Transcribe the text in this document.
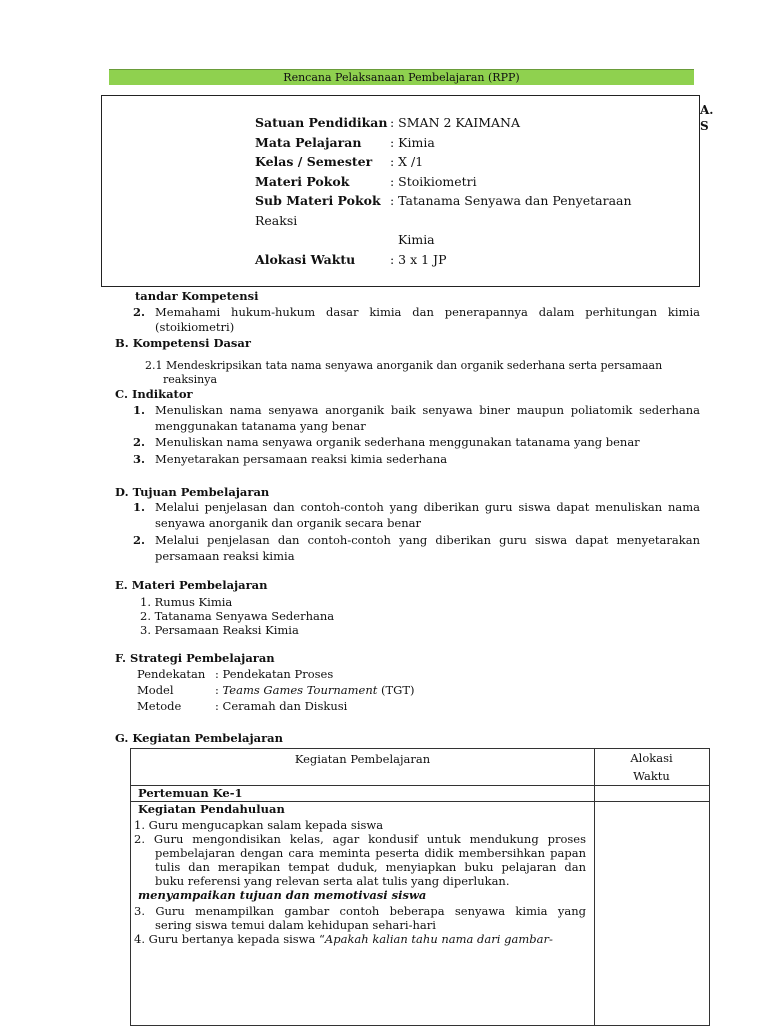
Rencana Pelaksanaan Pembelajaran (RPP)
A.
S
Satuan Pendidikan : SMAN 2 KAIMANA
Mata Pelajaran : Kimia
Kelas / Semester : X /1
Materi Pokok	: Stoikiometri
Sub Materi Pokok : Tatanama Senyawa dan Penyetaraan
Reaksi
Kimia
Alokasi Waktu	: 3 x 1 JP
tandar Kompetensi
2. Memahami hukum-hukum dasar kimia dan penerapannya dalam perhitungan kimia
(stoikiometri)
B. Kompetensi Dasar
2.1 Mendeskripsikan tata nama senyawa anorganik dan organik sederhana serta persamaan
reaksinya
C. Indikator
1. Menuliskan nama senyawa anorganik baik senyawa biner maupun poliatomik sederhana
menggunakan tatanama yang benar
2. Menuliskan nama senyawa organik sederhana menggunakan tatanama yang benar
3. Menyetarakan persamaan reaksi kimia sederhana
D. Tujuan Pembelajaran
1. Melalui penjelasan dan contoh-contoh yang diberikan guru siswa dapat menuliskan nama
senyawa anorganik dan organik secara benar
2. Melalui penjelasan dan contoh-contoh yang diberikan guru siswa dapat menyetarakan
persamaan reaksi kimia
E. Materi Pembelajaran
1. Rumus Kimia
2. Tatanama Senyawa Sederhana
3. Persamaan Reaksi Kimia
F. Strategi Pembelajaran
Pendekatan : Pendekatan Proses
Model	: Teams Games Tournament (TGT)
Metode	: Ceramah dan Diskusi
G. Kegiatan Pembelajaran
Kegiatan Pembelajaran	Alokasi
Waktu
Pertemuan Ke-1
Kegiatan Pendahuluan
1. Guru mengucapkan salam kepada siswa
2. Guru mengondisikan kelas, agar kondusif untuk mendukung proses
pembelajaran dengan cara meminta peserta didik membersihkan papan
tulis dan merapikan tempat duduk, menyiapkan buku pelajaran dan
buku referensi yang relevan serta alat tulis yang diperlukan.
menyampaikan tujuan dan memotivasi siswa
3. Guru menampilkan gambar contoh beberapa senyawa kimia yang
sering siswa temui dalam kehidupan sehari-hari
4. Guru bertanya kepada siswa “Apakah kalian tahu nama dari gambar-
